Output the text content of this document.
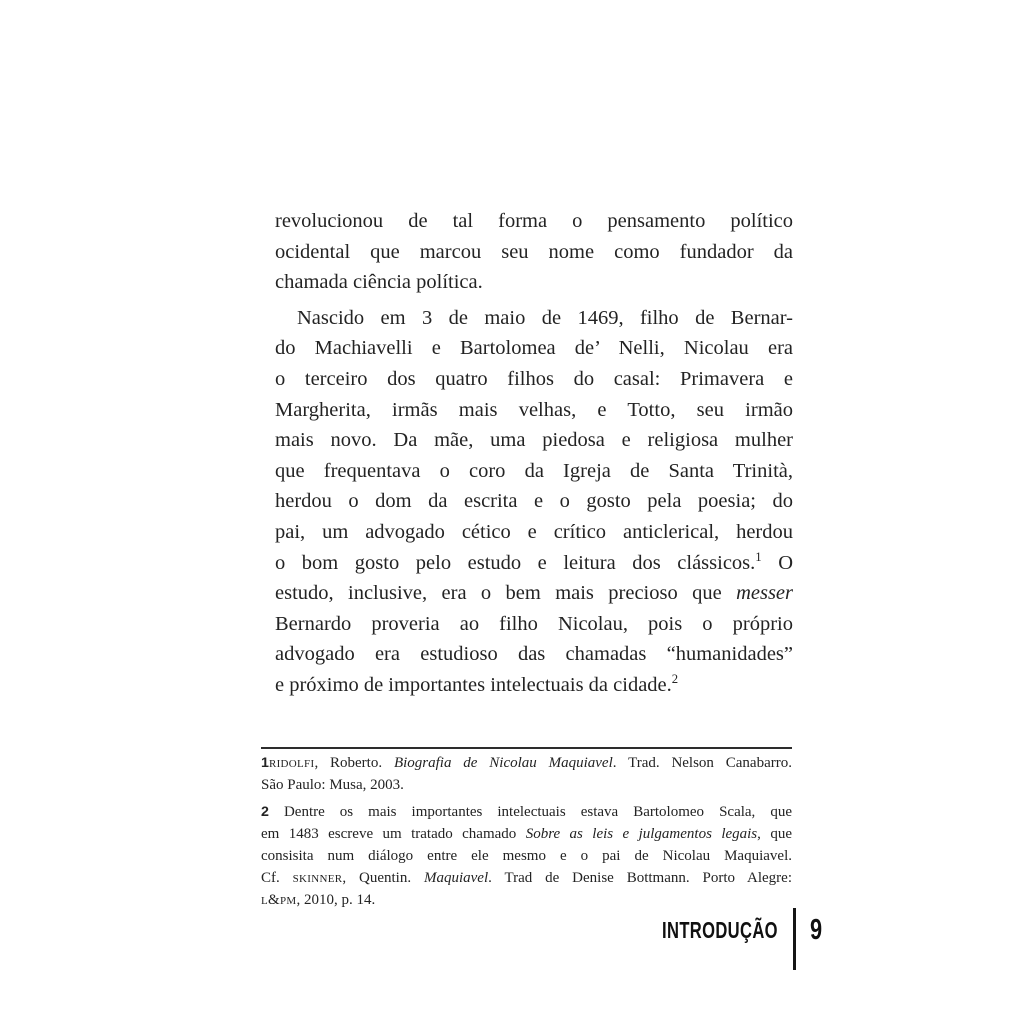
revolucionou de tal forma o pensamento político
ocidental que marcou seu nome como fundador da
chamada ciência política.
Nascido em 3 de maio de 1469, filho de Bernar-
do Machiavelli e Bartolomea de’ Nelli, Nicolau era
o terceiro dos quatro filhos do casal: Primavera e
Margherita, irmãs mais velhas, e Totto, seu irmão
mais novo. Da mãe, uma piedosa e religiosa mulher
que frequentava o coro da Igreja de Santa Trinità,
herdou o dom da escrita e o gosto pela poesia; do
pai, um advogado cético e crítico anticlerical, herdou
o bom gosto pelo estudo e leitura dos clássicos.$^1$ O
estudo, inclusive, era o bem mais precioso que messer
Bernardo proveria ao filho Nicolau, pois o próprio
advogado era estudioso das chamadas “humanidades”
e próximo de importantes intelectuais da cidade.$^2$
1ridolfi, Roberto. Biografia de Nicolau Maquiavel. Trad. Nelson Canabarro.
São Paulo: Musa, 2003.
2 Dentre os mais importantes intelectuais estava Bartolomeo Scala, que
em 1483 escreve um tratado chamado Sobre as leis e julgamentos legais, que
consisita num diálogo entre ele mesmo e o pai de Nicolau Maquiavel.
Cf. skinner, Quentin. Maquiavel. Trad de Denise Bottmann. Porto Alegre:
l&pm, 2010, p. 14.
INTRODUÇÃO 9
